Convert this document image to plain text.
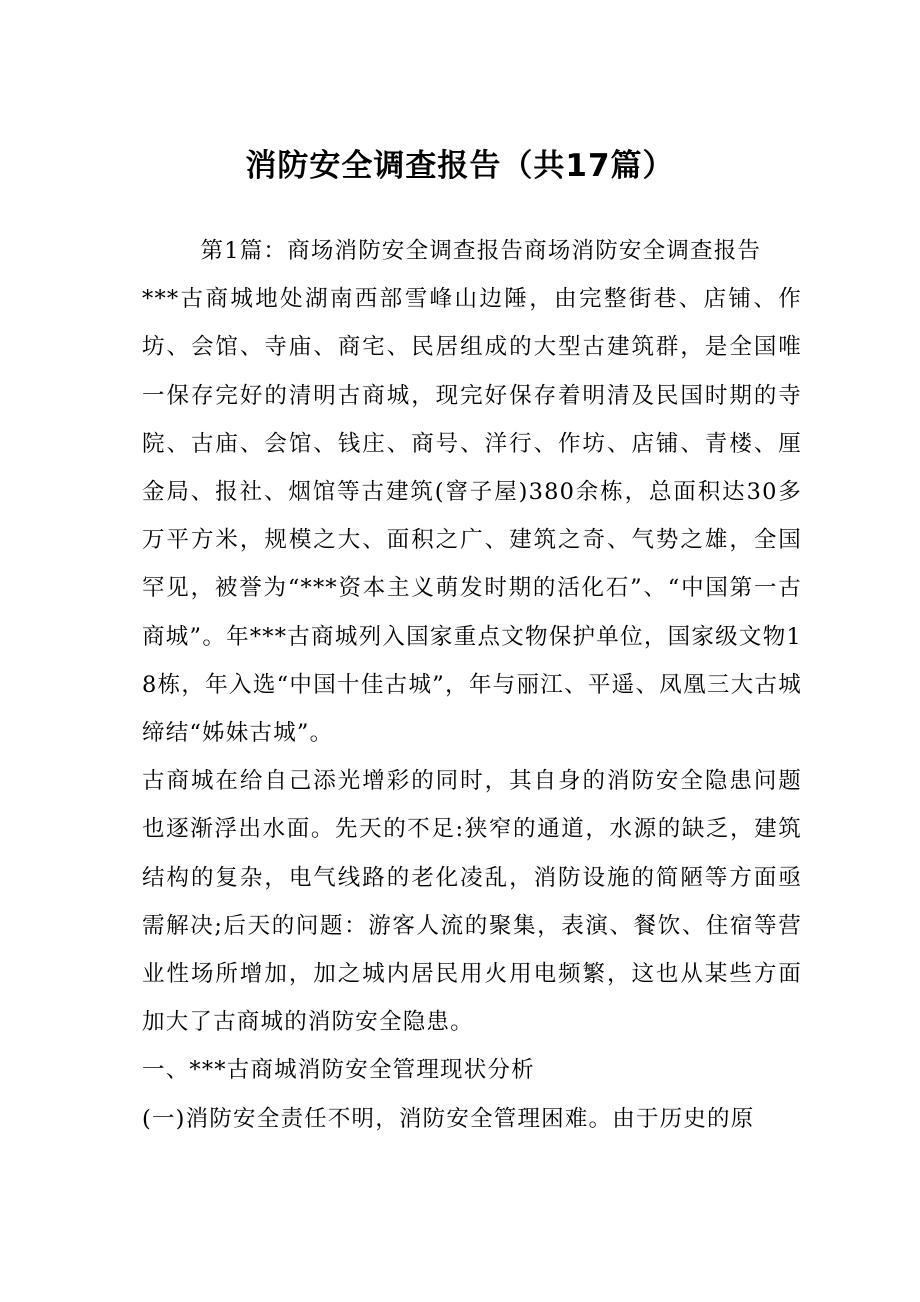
消防安全调查报告（共17篇）

第1篇：商场消防安全调查报告商场消防安全调查报告

***古商城地处湖南西部雪峰山边陲，由完整街巷、店铺、作坊、会馆、寺庙、商宅、民居组成的大型古建筑群，是全国唯一保存完好的清明古商城，现完好保存着明清及民国时期的寺院、古庙、会馆、钱庄、商号、洋行、作坊、店铺、青楼、厘金局、报社、烟馆等古建筑(窨子屋)380余栋，总面积达30多万平方米，规模之大、面积之广、建筑之奇、气势之雄，全国罕见，被誉为“***资本主义萌发时期的活化石”、“中国第一古商城”。年***古商城列入国家重点文物保护单位，国家级文物18栋，年入选“中国十佳古城”，年与丽江、平遥、凤凰三大古城缔结“姊妹古城”。

古商城在给自己添光增彩的同时，其自身的消防安全隐患问题也逐渐浮出水面。先天的不足:狭窄的通道，水源的缺乏，建筑结构的复杂，电气线路的老化凌乱，消防设施的简陋等方面亟需解决;后天的问题：游客人流的聚集，表演、餐饮、住宿等营业性场所增加，加之城内居民用火用电频繁，这也从某些方面加大了古商城的消防安全隐患。

一、***古商城消防安全管理现状分析

(一)消防安全责任不明，消防安全管理困难。由于历史的原
